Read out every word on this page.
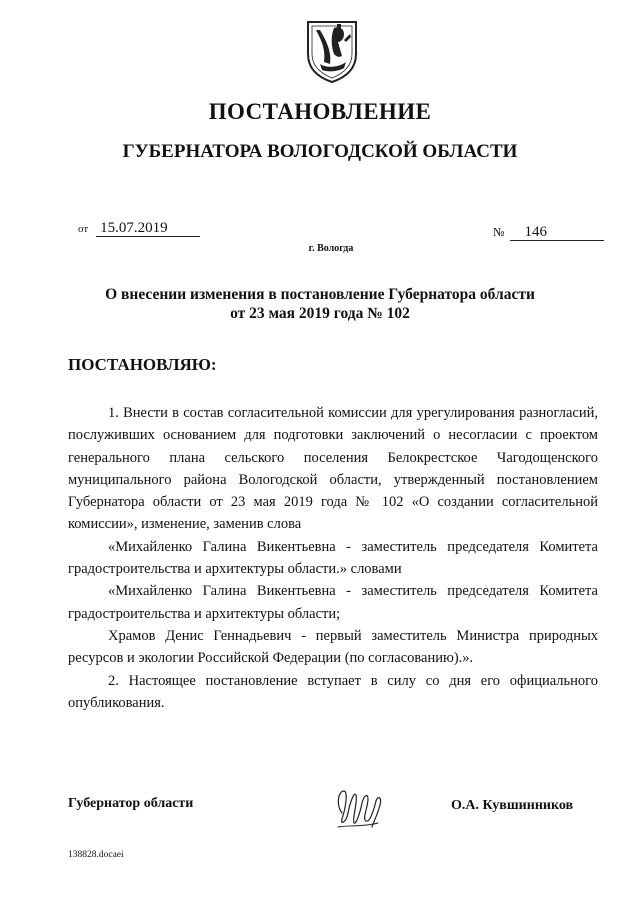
ПОСТАНОВЛЕНИЕ
ГУБЕРНАТОРА ВОЛОГОДСКОЙ ОБЛАСТИ
от 15.07.2019	№ 146
г. Вологда
О внесении изменения в постановление Губернатора области
от 23 мая 2019 года № 102
ПОСТАНОВЛЯЮ:

1. Внести в состав согласительной комиссии для урегулирования разногласий, послуживших основанием для подготовки заключений о несогласии с проектом генерального плана сельского поселения Белокрестское Чагодощенского муниципального района Вологодской области, утвержденный постановлением Губернатора области от 23 мая 2019 года № 102 «О создании согласительной комиссии», изменение, заменив слова

«Михайленко Галина Викентьевна - заместитель председателя Комитета градостроительства и архитектуры области.» словами

«Михайленко Галина Викентьевна - заместитель председателя Комитета градостроительства и архитектуры области;

Храмов Денис Геннадьевич - первый заместитель Министра природных ресурсов и экологии Российской Федерации (по согласованию).».

2. Настоящее постановление вступает в силу со дня его официального опубликования.

Губернатор области	О.А. Кувшинников
138828.docaei
